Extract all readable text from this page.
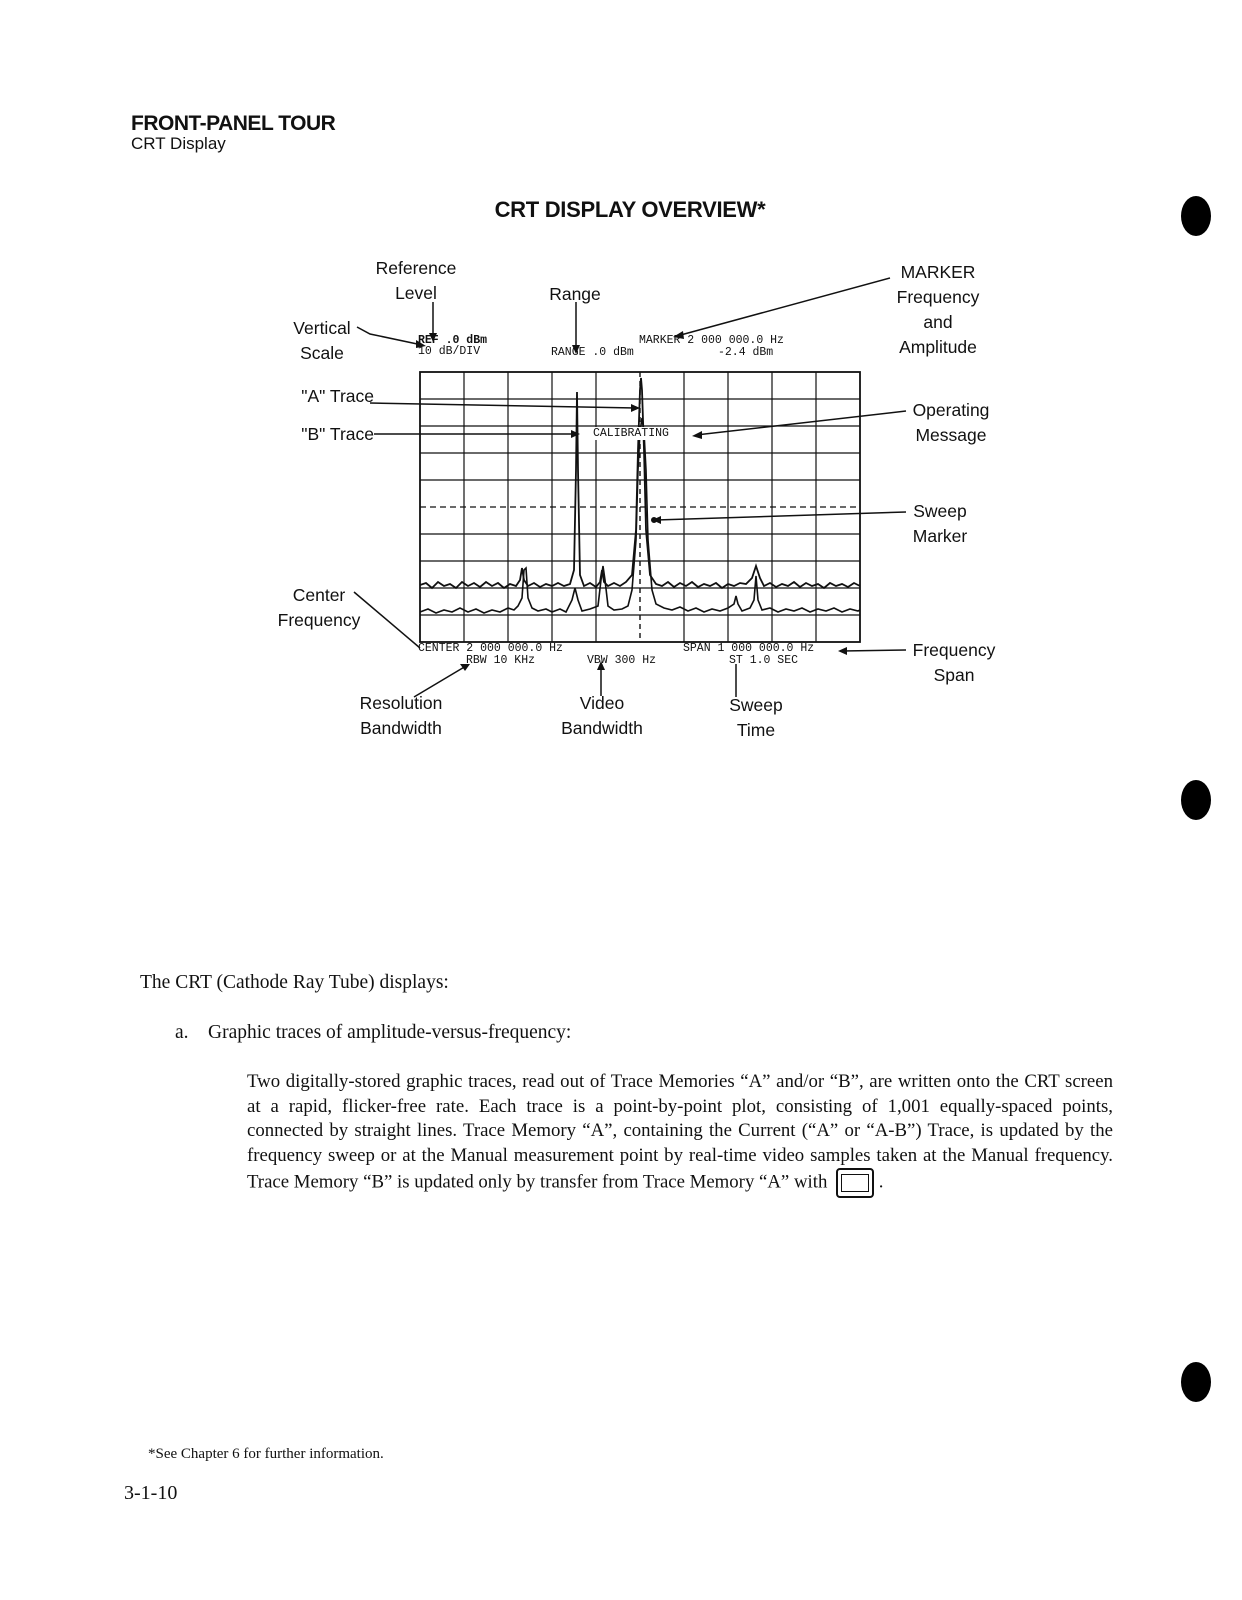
FRONT-PANEL TOUR
CRT Display
CRT DISPLAY OVERVIEW*
REF .0 dBm
10 dB/DIV	RANGE .0 dBm
MARKER 2 000 000.0 Hz
-2.4 dBm
CALIBRATING
CENTER 2 000 000.0 Hz	SPAN 1 000 000.0 Hz
RBW 10 KHz	VBW 300 Hz	ST 1.0 SEC
Reference
Level	Range
MARKER
Frequency
and
Amplitude
Vertical
Scale
"A" Trace
"B" Trace
Operating
Message
Sweep
Marker
Center
Frequency
Frequency
Span
Resolution
Bandwidth
Video
Bandwidth
Sweep
Time
The CRT (Cathode Ray Tube) displays:
a. Graphic traces of amplitude-versus-frequency:
Two digitally-stored graphic traces, read out of Trace Memories “A” and/or “B”, are written onto the CRT screen at a rapid, flicker-free rate. Each trace is a point-by-point plot, consisting of 1,001 equally-spaced points, connected by straight lines. Trace Memory “A”, containing the Current (“A” or “A-B”) Trace, is updated by the frequency sweep or at the Manual measurement point by real-time video samples taken at the Manual frequency. Trace Memory “B” is updated only by transfer from Trace Memory “A” with	.
*See Chapter 6 for further information.
3-1-10
